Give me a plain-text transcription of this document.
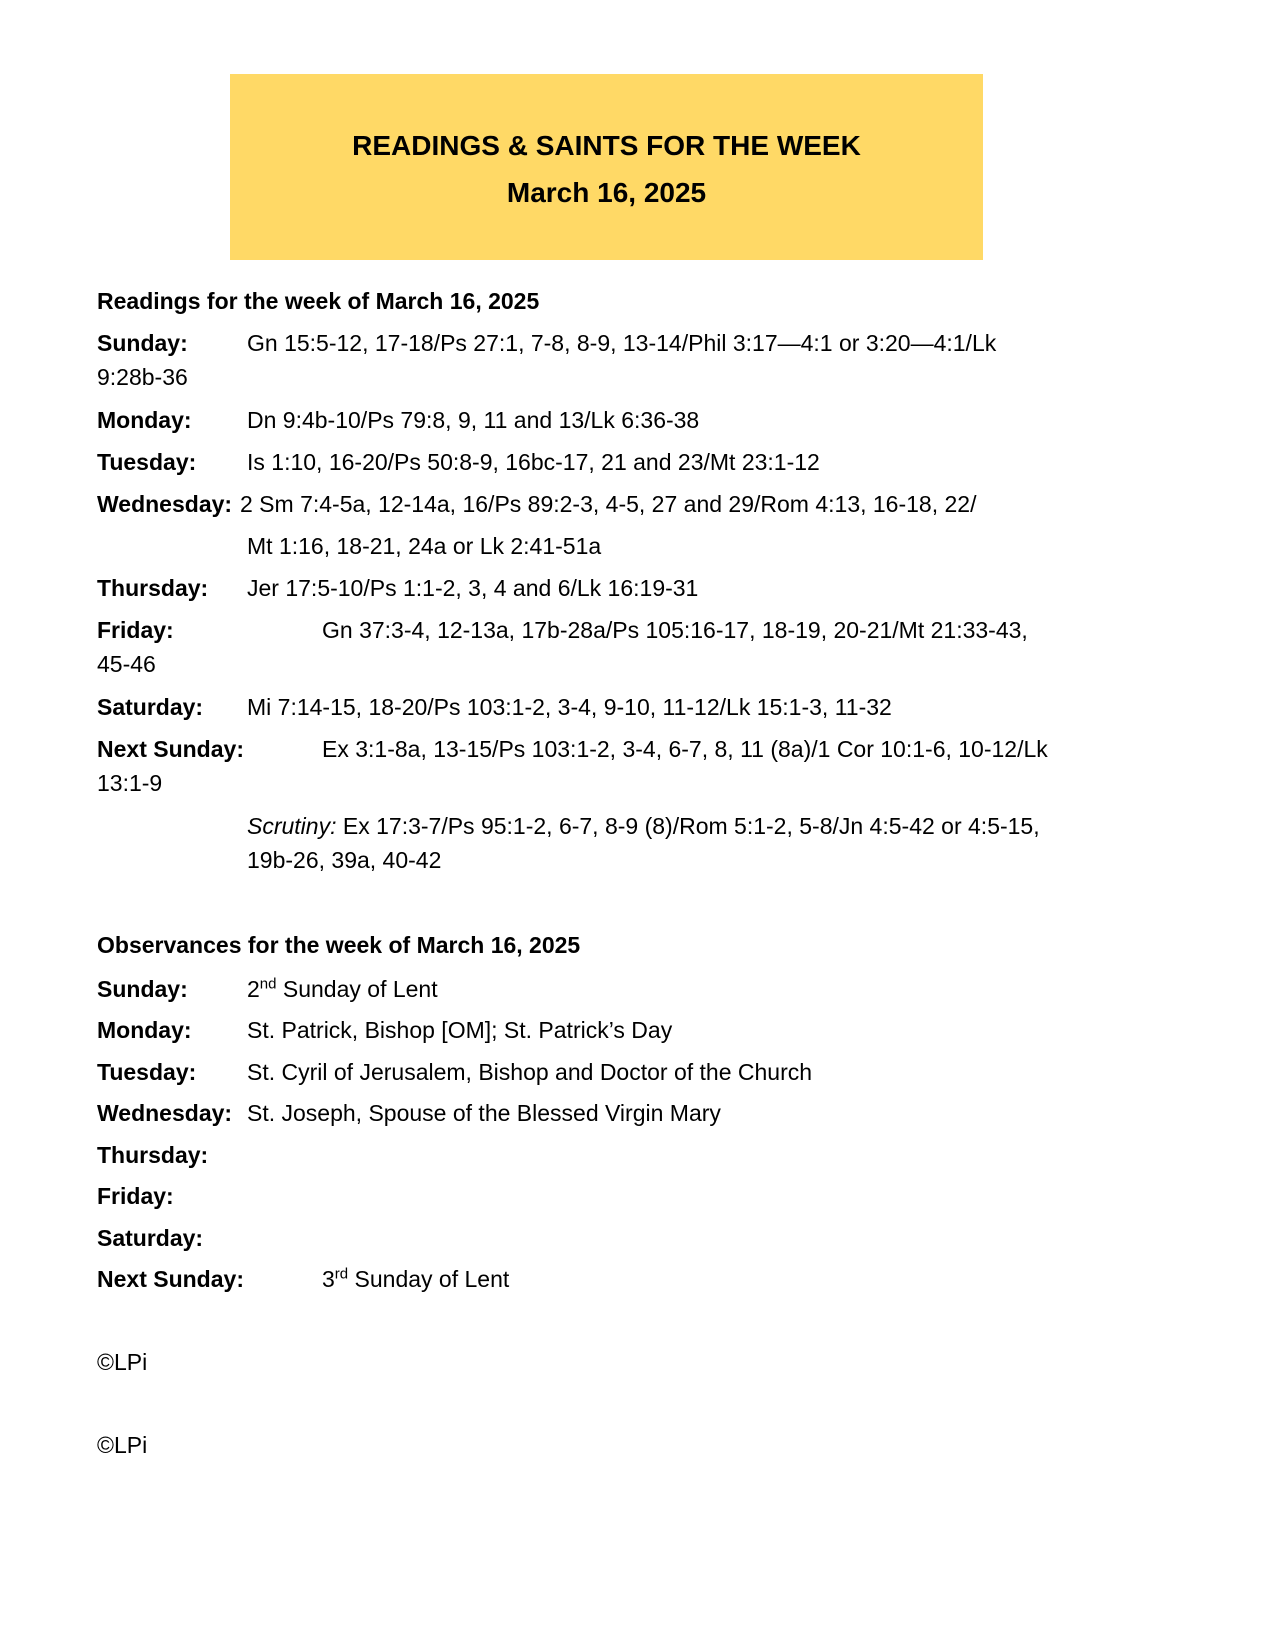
READINGS & SAINTS FOR THE WEEK
March 16, 2025
Readings for the week of March 16, 2025
Sunday:	Gn 15:5-12, 17-18/Ps 27:1, 7-8, 8-9, 13-14/Phil 3:17—4:1 or 3:20—4:1/Lk
9:28b-36
Monday: Dn 9:4b-10/Ps 79:8, 9, 11 and 13/Lk 6:36-38
Tuesday: Is 1:10, 16-20/Ps 50:8-9, 16bc-17, 21 and 23/Mt 23:1-12
Wednesday: 2 Sm 7:4-5a, 12-14a, 16/Ps 89:2-3, 4-5, 27 and 29/Rom 4:13, 16-18, 22/
Mt 1:16, 18-21, 24a or Lk 2:41-51a
Thursday: Jer 17:5-10/Ps 1:1-2, 3, 4 and 6/Lk 16:19-31
Friday:	Gn 37:3-4, 12-13a, 17b-28a/Ps 105:16-17, 18-19, 20-21/Mt 21:33-43,
45-46
Saturday: Mi 7:14-15, 18-20/Ps 103:1-2, 3-4, 9-10, 11-12/Lk 15:1-3, 11-32
Next Sunday:	Ex 3:1-8a, 13-15/Ps 103:1-2, 3-4, 6-7, 8, 11 (8a)/1 Cor 10:1-6, 10-12/Lk
13:1-9
Scrutiny: Ex 17:3-7/Ps 95:1-2, 6-7, 8-9 (8)/Rom 5:1-2, 5-8/Jn 4:5-42 or 4:5-15,
19b-26, 39a, 40-42
Observances for the week of March 16, 2025
Sunday:	2nd Sunday of Lent
Monday: St. Patrick, Bishop [OM]; St. Patrick’s Day
Tuesday: St. Cyril of Jerusalem, Bishop and Doctor of the Church
Wednesday: St. Joseph, Spouse of the Blessed Virgin Mary
Thursday:
Friday:
Saturday:
Next Sunday:	3rd Sunday of Lent
©LPi
©LPi
